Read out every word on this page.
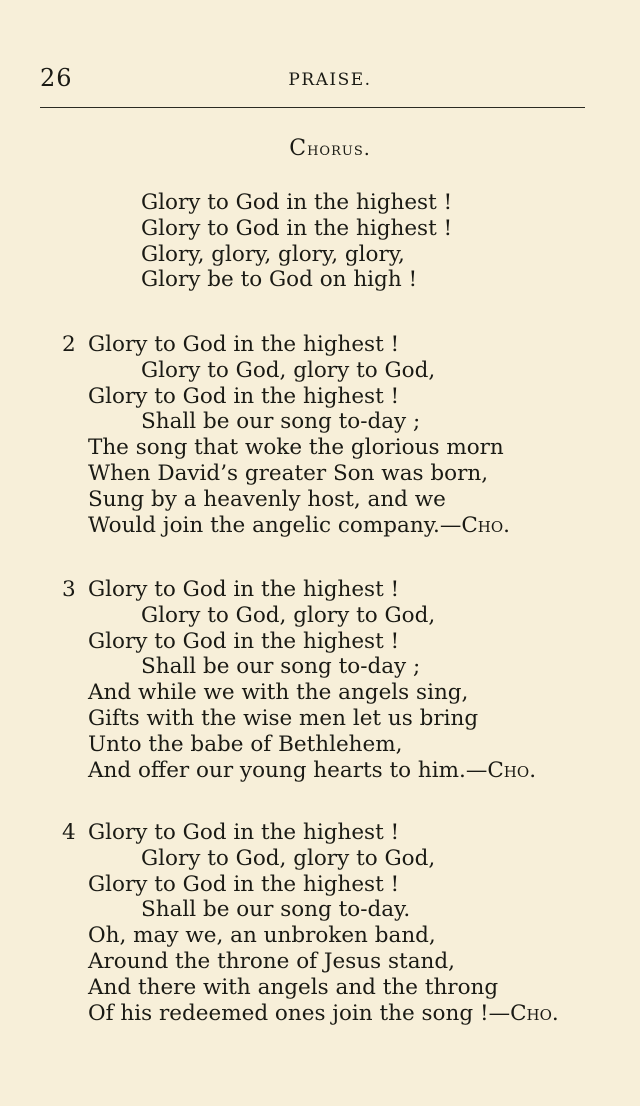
26	PRAISE.
Chorus.
Glory to God in the highest !
Glory to God in the highest !
Glory, glory, glory, glory,
Glory be to God on high !
2 Glory to God in the highest !
Glory to God, glory to God,
Glory to God in the highest !
Shall be our song to-day ;
The song that woke the glorious morn
When David’s greater Son was born,
Sung by a heavenly host, and we
Would join the angelic company.—Cho.
3 Glory to God in the highest !
Glory to God, glory to God,
Glory to God in the highest !
Shall be our song to-day ;
And while we with the angels sing,
Gifts with the wise men let us bring
Unto the babe of Bethlehem,
And offer our young hearts to him.—Cho.
4 Glory to God in the highest !
Glory to God, glory to God,
Glory to God in the highest !
Shall be our song to-day.
Oh, may we, an unbroken band,
Around the throne of Jesus stand,
And there with angels and the throng
Of his redeemed ones join the song !—Cho.
